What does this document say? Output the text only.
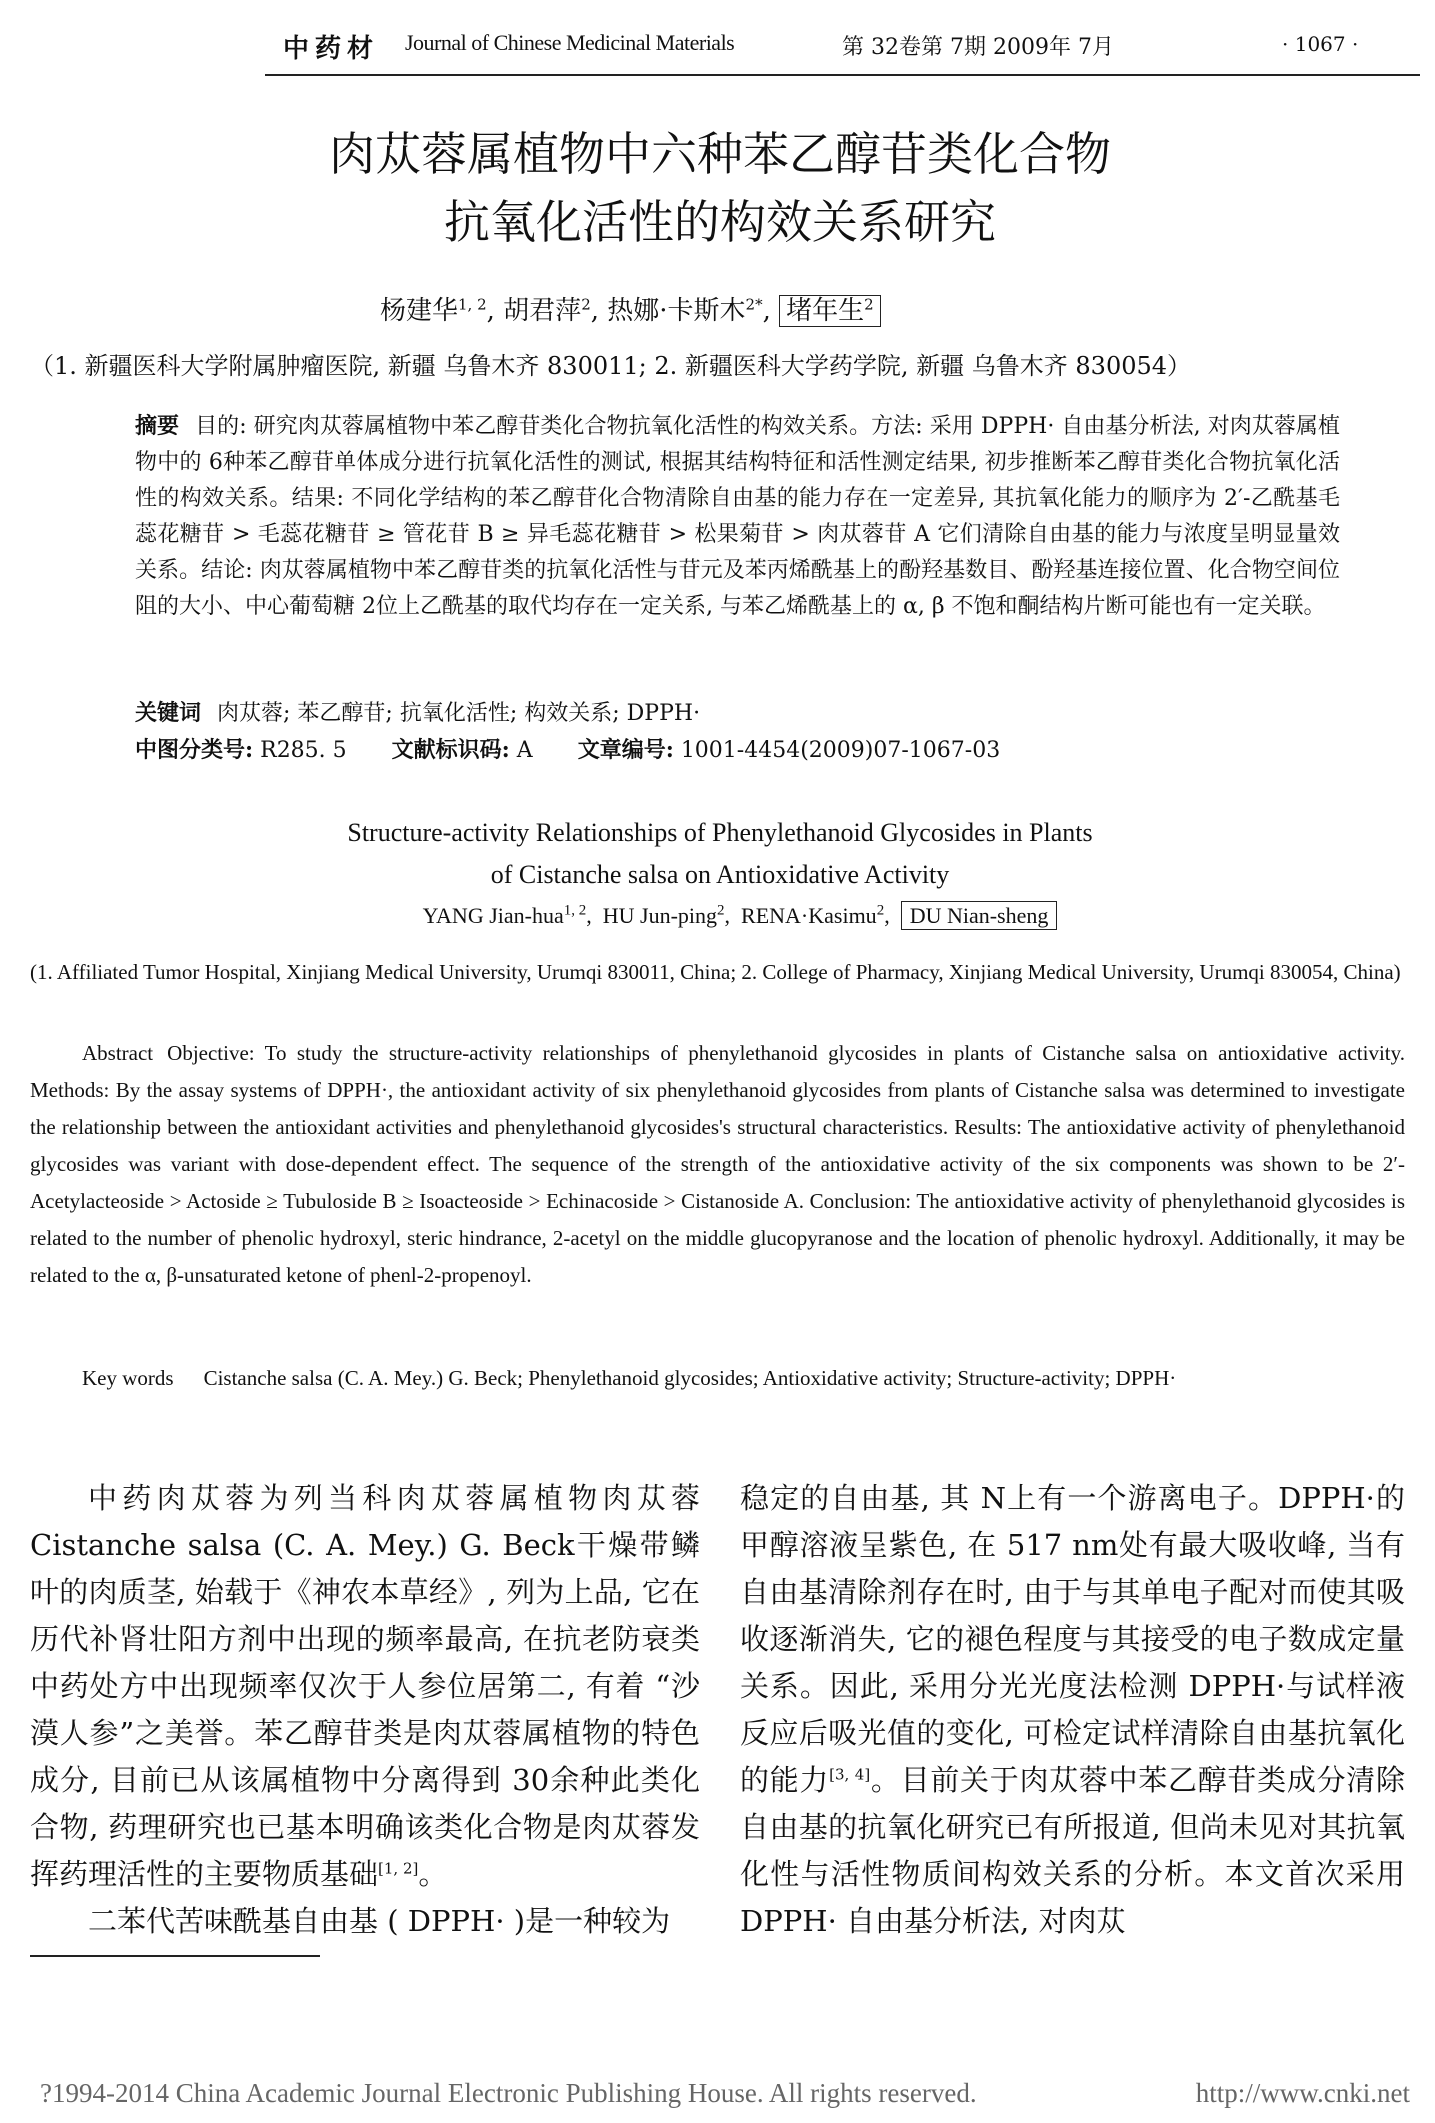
中药材 Journal of Chinese Medicinal Materials	第 32卷第 7期 2009年 7月	· 1067 ·
肉苁蓉属植物中六种苯乙醇苷类化合物
抗氧化活性的构效关系研究
杨建华$^{1, 2}$, 胡君萍$^2$, 热娜·卡斯木$^{2*}$, 堵年生$^2$
（1. 新疆医科大学附属肿瘤医院, 新疆 乌鲁木齐 830011; 2. 新疆医科大学药学院, 新疆 乌鲁木齐 830054）
摘要 目的: 研究肉苁蓉属植物中苯乙醇苷类化合物抗氧化活性的构效关系。方法: 采用 DPPH· 自由基分析法, 对肉苁蓉属植物中的 6种苯乙醇苷单体成分进行抗氧化活性的测试, 根据其结构特征和活性测定结果, 初步推断苯乙醇苷类化合物抗氧化活性的构效关系。结果: 不同化学结构的苯乙醇苷化合物清除自由基的能力存在一定差异, 其抗氧化能力的顺序为 2′-乙酰基毛蕊花糖苷 > 毛蕊花糖苷 ≥ 管花苷 B ≥ 异毛蕊花糖苷 > 松果菊苷 > 肉苁蓉苷 A 它们清除自由基的能力与浓度呈明显量效关系。结论: 肉苁蓉属植物中苯乙醇苷类的抗氧化活性与苷元及苯丙烯酰基上的酚羟基数目、酚羟基连接位置、化合物空间位阻的大小、中心葡萄糖 2位上乙酰基的取代均存在一定关系, 与苯乙烯酰基上的 α, β 不饱和酮结构片断可能也有一定关联。
关键词 肉苁蓉; 苯乙醇苷; 抗氧化活性; 构效关系; DPPH·
中图分类号: R285. 5 文献标识码: A 文章编号: 1001-4454(2009)07-1067-03
Structure-activity Relationships of Phenylethanoid Glycosides in Plants
of Cistanche salsa on Antioxidative Activity
YANG Jian-hua$^{1, 2}$,  HU Jun-ping$^2$,  RENA·Kasimu$^2$,  DU Nian-sheng
(1. Affiliated Tumor Hospital, Xinjiang Medical University, Urumqi 830011, China; 2. College of Pharmacy, Xinjiang Medical University, Urumqi 830054, China)
Abstract Objective: To study the structure-activity relationships of phenylethanoid glycosides in plants of Cistanche salsa on antioxidative activity. Methods: By the assay systems of DPPH·, the antioxidant activity of six phenylethanoid glycosides from plants of Cistanche salsa was determined to investigate the relationship between the antioxidant activities and phenylethanoid glycosides's structural characteristics. Results: The antioxidative activity of phenylethanoid glycosides was variant with dose-dependent effect. The sequence of the strength of the antioxidative activity of the six components was shown to be 2′-Acetylacteoside > Actoside ≥ Tubuloside B ≥ Isoacteoside > Echinacoside > Cistanoside A. Conclusion: The antioxidative activity of phenylethanoid glycosides is related to the number of phenolic hydroxyl, steric hindrance, 2-acetyl on the middle glucopyranose and the location of phenolic hydroxyl. Additionally, it may be related to the α, β-unsaturated ketone of phenl-2-propenoyl.
Key words Cistanche salsa (C. A. Mey.) G. Beck; Phenylethanoid glycosides; Antioxidative activity; Structure-activity; DPPH·

中药肉苁蓉为列当科肉苁蓉属植物肉苁蓉 Cistanche salsa (C. A. Mey.) G. Beck干燥带鳞叶的肉质茎, 始载于《神农本草经》, 列为上品, 它在历代补肾壮阳方剂中出现的频率最高, 在抗老防衰类中药处方中出现频率仅次于人参位居第二, 有着 “沙漠人参”之美誉。苯乙醇苷类是肉苁蓉属植物的特色成分, 目前已从该属植物中分离得到 30余种此类化合物, 药理研究也已基本明确该类化合物是肉苁蓉发挥药理活性的主要物质基础[1, 2]。

二苯代苦味酰基自由基 ( DPPH· )是一种较为

稳定的自由基, 其 N上有一个游离电子。DPPH·的甲醇溶液呈紫色, 在 517 nm处有最大吸收峰, 当有自由基清除剂存在时, 由于与其单电子配对而使其吸收逐渐消失, 它的褪色程度与其接受的电子数成定量关系。因此, 采用分光光度法检测 DPPH·与试样液反应后吸光值的变化, 可检定试样清除自由基抗氧化的能力[3, 4]。目前关于肉苁蓉中苯乙醇苷类成分清除自由基的抗氧化研究已有所报道, 但尚未见对其抗氧化性与活性物质间构效关系的分析。本文首次采用 DPPH· 自由基分析法, 对肉苁

?1994-2014 China Academic Journal Electronic Publishing House. All rights reserved.	http://www.cnki.net
